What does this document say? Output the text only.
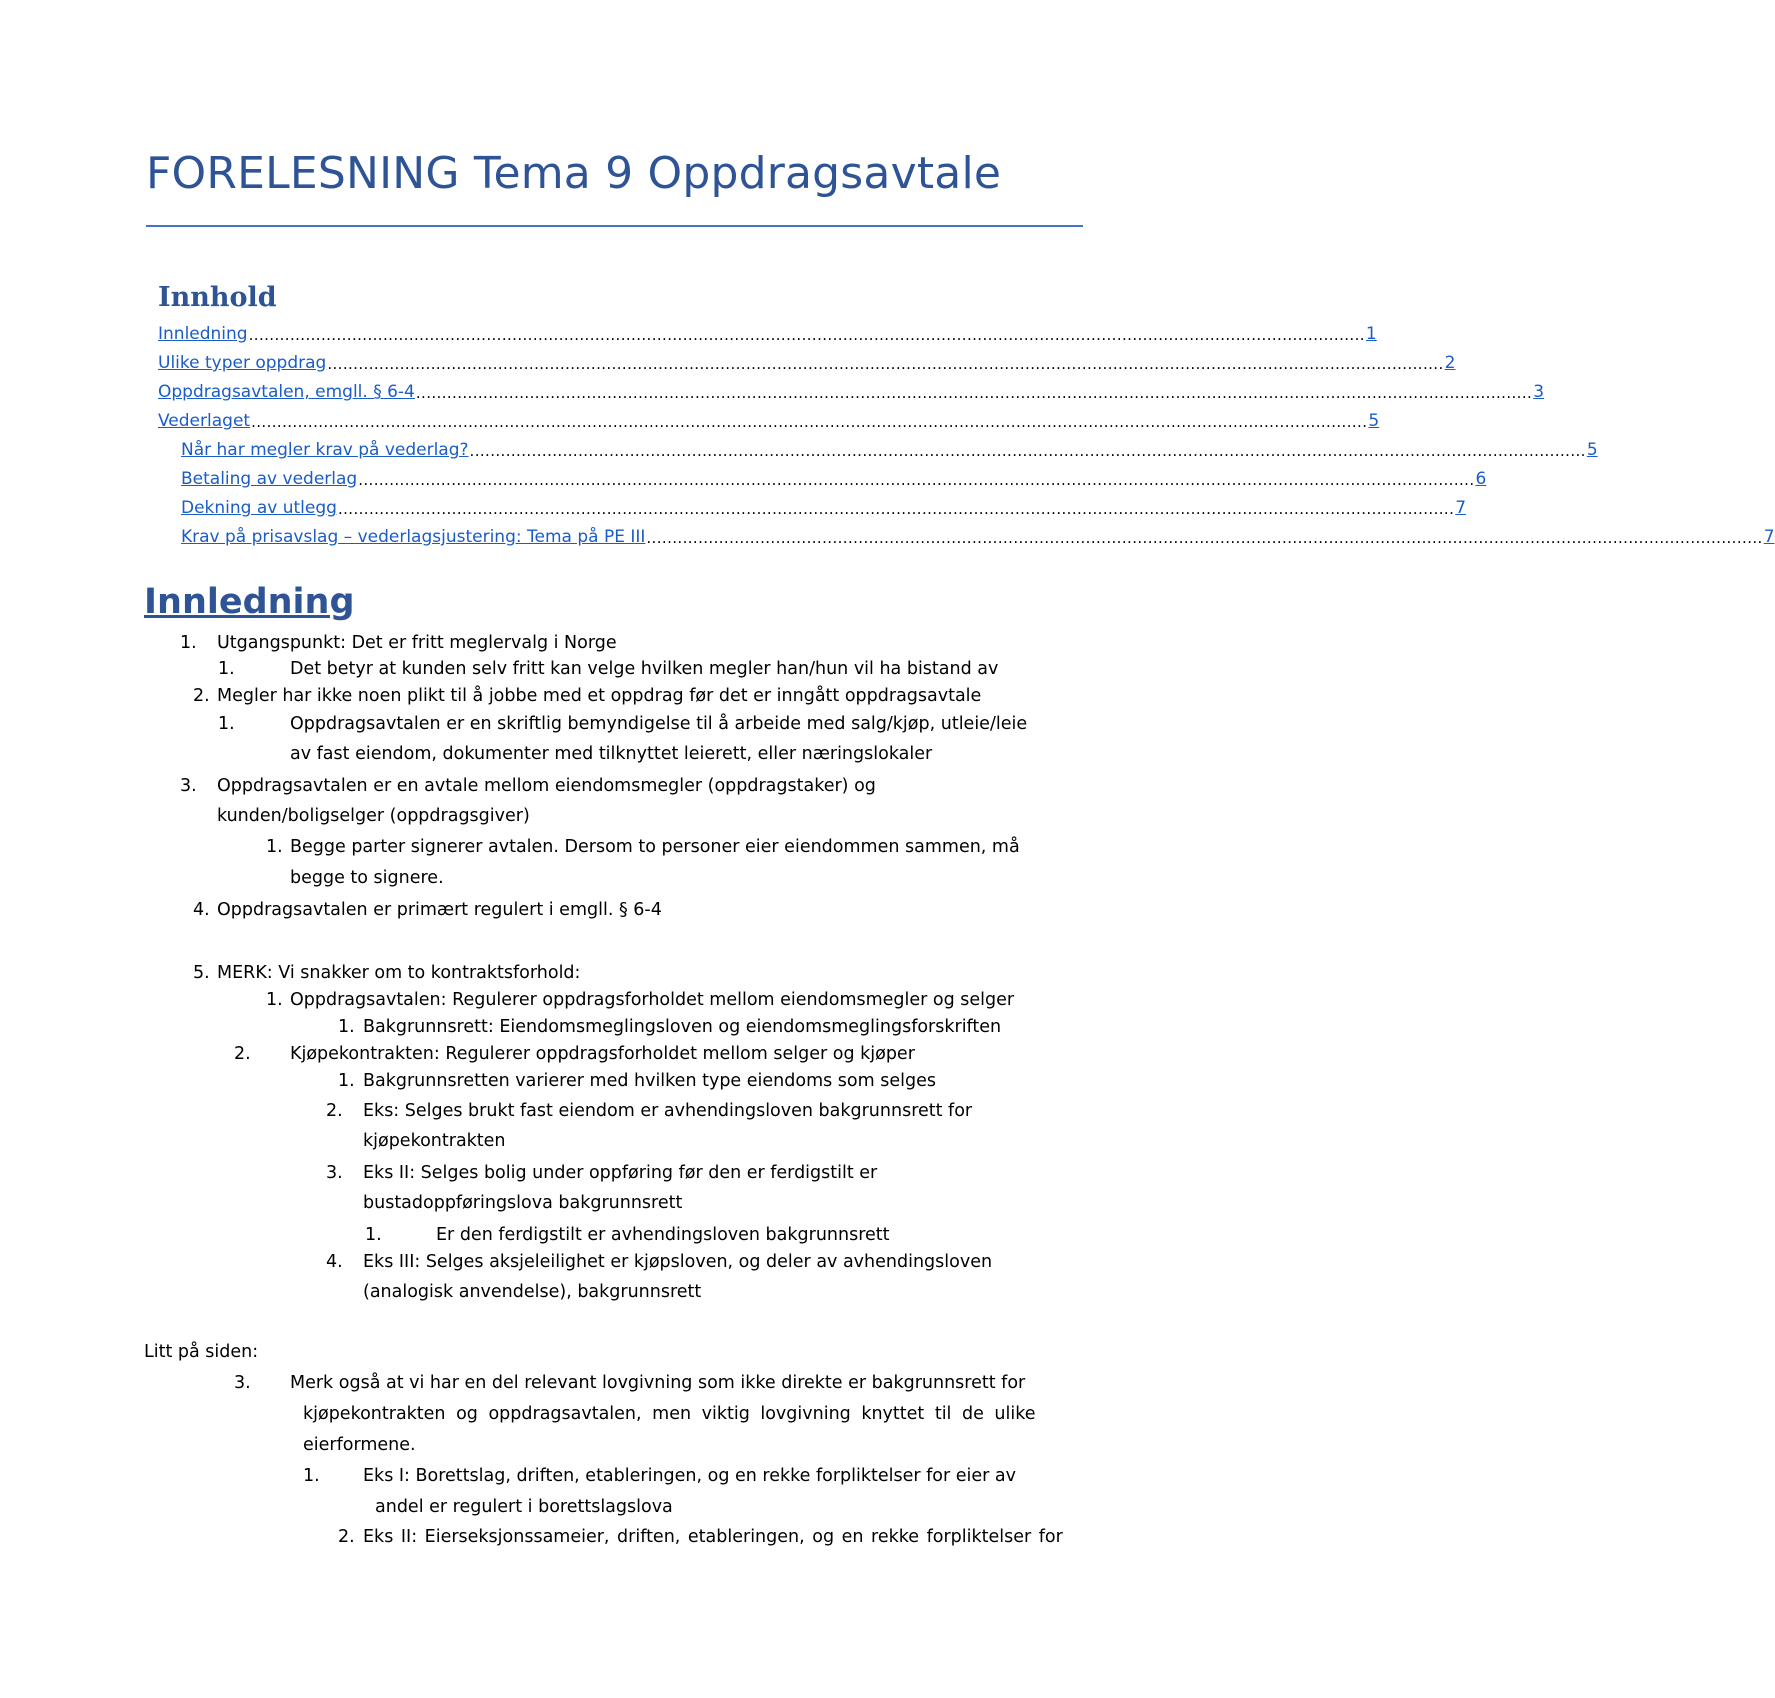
FORELESNING Tema 9 Oppdragsavtale
Innhold
Innledning ........................................................................................................................................................................................................................ 1
Ulike typer oppdrag ........................................................................................................................................................................................................................ 2
Oppdragsavtalen, emgll. § 6-4 ........................................................................................................................................................................................................................ 3
Vederlaget ........................................................................................................................................................................................................................ 5
Når har megler krav på vederlag? ........................................................................................................................................................................................................................ 5
Betaling av vederlag ........................................................................................................................................................................................................................ 6
Dekning av utlegg ........................................................................................................................................................................................................................ 7
Krav på prisavslag – vederlagsjustering: Tema på PE III ........................................................................................................................................................................................................................ 7
Innledning
1. Utgangspunkt: Det er fritt meglervalg i Norge
1.	Det betyr at kunden selv fritt kan velge hvilken megler han/hun vil ha bistand av
2. Megler har ikke noen plikt til å jobbe med et oppdrag før det er inngått oppdragsavtale
1.	Oppdragsavtalen er en skriftlig bemyndigelse til å arbeide med salg/kjøp, utleie/leie
av fast eiendom, dokumenter med tilknyttet leierett, eller næringslokaler
3. Oppdragsavtalen er en avtale mellom eiendomsmegler (oppdragstaker) og
kunden/boligselger (oppdragsgiver)
1. Begge parter signerer avtalen. Dersom to personer eier eiendommen sammen, må
begge to signere.
4. Oppdragsavtalen er primært regulert i emgll. § 6-4
5. MERK: Vi snakker om to kontraktsforhold:
1. Oppdragsavtalen: Regulerer oppdragsforholdet mellom eiendomsmegler og selger
1. Bakgrunnsrett: Eiendomsmeglingsloven og eiendomsmeglingsforskriften
2. Kjøpekontrakten: Regulerer oppdragsforholdet mellom selger og kjøper
1. Bakgrunnsretten varierer med hvilken type eiendoms som selges
2. Eks: Selges brukt fast eiendom er avhendingsloven bakgrunnsrett for
kjøpekontrakten
3. Eks II: Selges bolig under oppføring før den er ferdigstilt er
bustadoppføringslova bakgrunnsrett
1.	Er den ferdigstilt er avhendingsloven bakgrunnsrett
4. Eks III: Selges aksjeleilighet er kjøpsloven, og deler av avhendingsloven
(analogisk anvendelse), bakgrunnsrett
Litt på siden:
3. Merk også at vi har en del relevant lovgivning som ikke direkte er bakgrunnsrett for
kjøpekontrakten og oppdragsavtalen, men viktig lovgivning knyttet til de ulike
eierformene.
1. Eks I: Borettslag, driften, etableringen, og en rekke forpliktelser for eier av
andel er regulert i borettslagslova
2. Eks II: Eierseksjonssameier, driften, etableringen, og en rekke forpliktelser for
